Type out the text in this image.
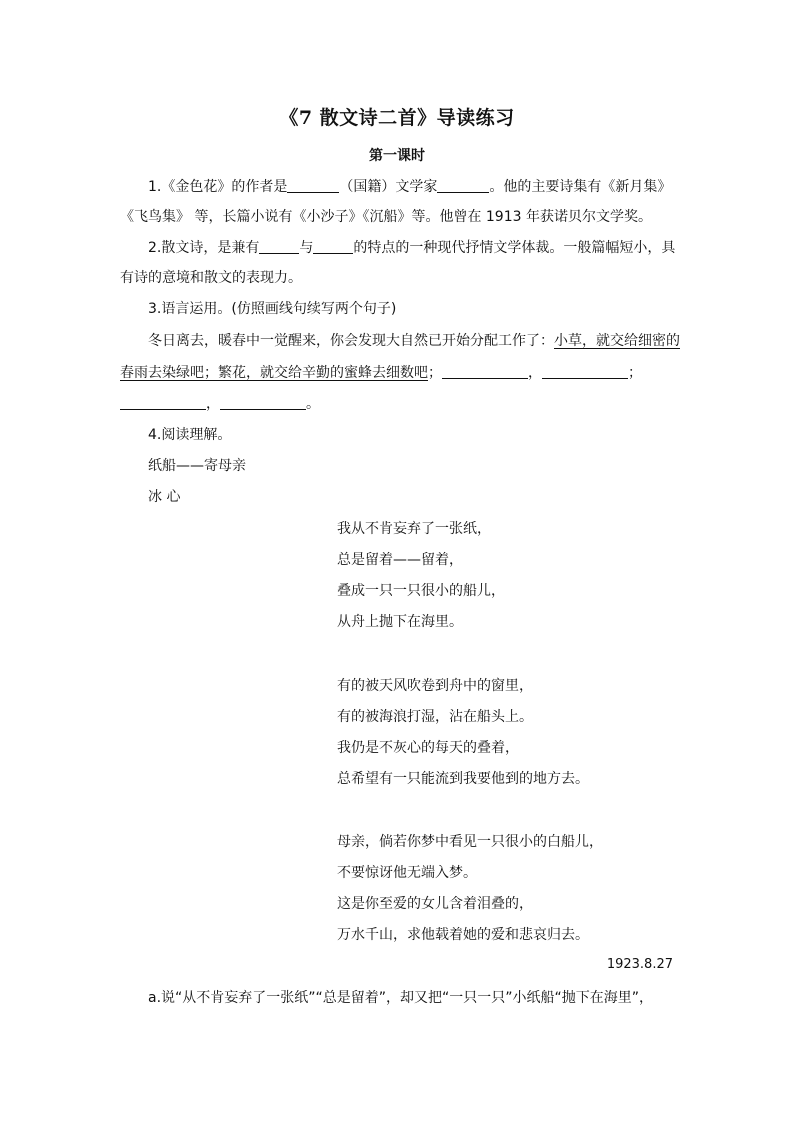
《7 散文诗二首》导读练习
第一课时
1.《金色花》的作者是	（国籍）文学家	。他的主要诗集有《新月集》
《飞鸟集》 等，长篇小说有《小沙子》《沉船》等。他曾在 1913 年获诺贝尔文学奖。
2.散文诗，是兼有	与	的特点的一种现代抒情文学体裁。一般篇幅短小，具
有诗的意境和散文的表现力。
3.语言运用。(仿照画线句续写两个句子)
冬日离去，暖春中一觉醒来，你会发现大自然已开始分配工作了：小草，就交给细密的
春雨去染绿吧；繁花，就交给辛勤的蜜蜂去细数吧；	，	；
，	。
4.阅读理解。
纸船——寄母亲
冰 心
我从不肯妄弃了一张纸，
总是留着——留着，
叠成一只一只很小的船儿，
从舟上抛下在海里。
有的被天风吹卷到舟中的窗里，
有的被海浪打湿，沾在船头上。
我仍是不灰心的每天的叠着，
总希望有一只能流到我要他到的地方去。
母亲，倘若你梦中看见一只很小的白船儿，
不要惊讶他无端入梦。
这是你至爱的女儿含着泪叠的，
万水千山，求他载着她的爱和悲哀归去。
1923.8.27
a.说“从不肯妄弃了一张纸”“总是留着”，却又把“一只一只”小纸船“抛下在海里”，
